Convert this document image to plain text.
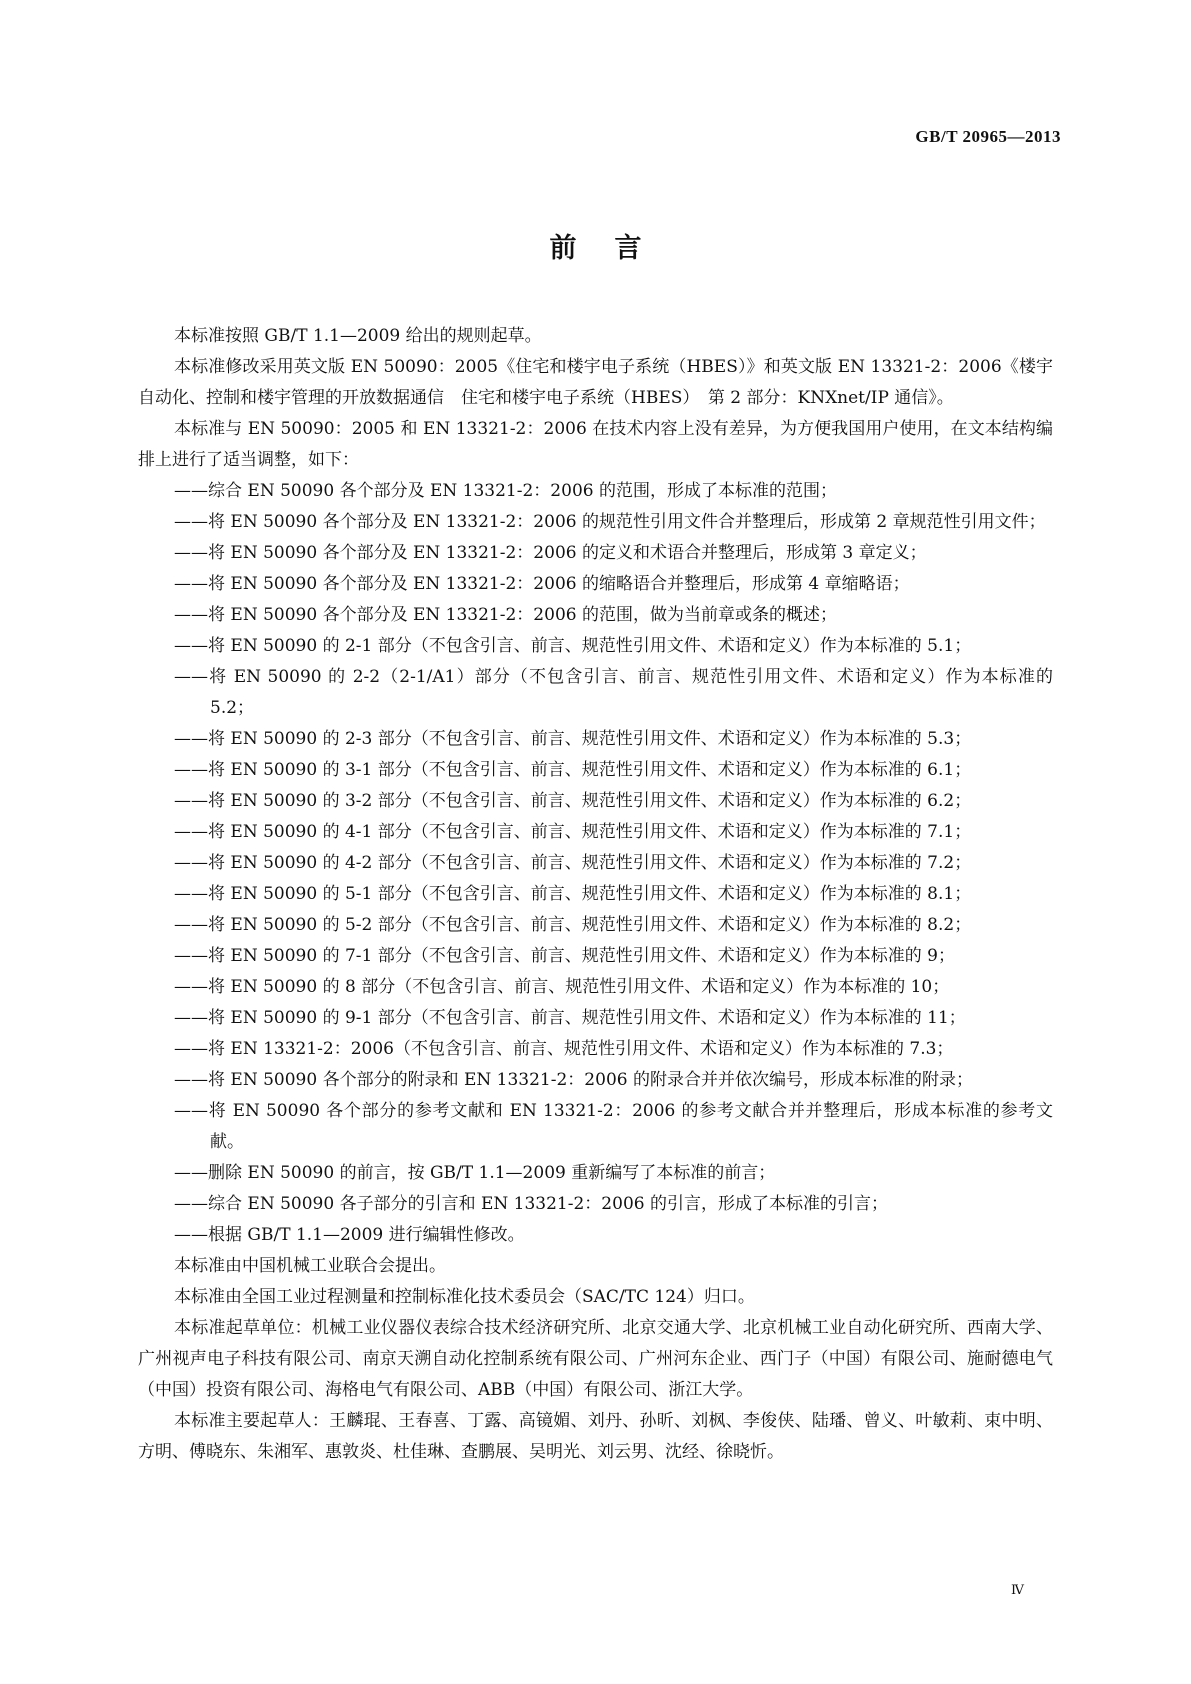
GB/T 20965—2013
前言

本标准按照 GB/T 1.1—2009 给出的规则起草。

本标准修改采用英文版 EN 50090：2005《住宅和楼宇电子系统（HBES）》和英文版 EN 13321-2：2006《楼宇自动化、控制和楼宇管理的开放数据通信　住宅和楼宇电子系统（HBES）　第 2 部分：KNXnet/IP 通信》。

本标准与 EN 50090：2005 和 EN 13321-2：2006 在技术内容上没有差异，为方便我国用户使用，在文本结构编排上进行了适当调整，如下：

——综合 EN 50090 各个部分及 EN 13321-2：2006 的范围，形成了本标准的范围；

——将 EN 50090 各个部分及 EN 13321-2：2006 的规范性引用文件合并整理后，形成第 2 章规范性引用文件；

——将 EN 50090 各个部分及 EN 13321-2：2006 的定义和术语合并整理后，形成第 3 章定义；

——将 EN 50090 各个部分及 EN 13321-2：2006 的缩略语合并整理后，形成第 4 章缩略语；

——将 EN 50090 各个部分及 EN 13321-2：2006 的范围，做为当前章或条的概述；

——将 EN 50090 的 2-1 部分（不包含引言、前言、规范性引用文件、术语和定义）作为本标准的 5.1；

——将 EN 50090 的 2-2（2-1/A1）部分（不包含引言、前言、规范性引用文件、术语和定义）作为本标准的 5.2；

——将 EN 50090 的 2-3 部分（不包含引言、前言、规范性引用文件、术语和定义）作为本标准的 5.3；

——将 EN 50090 的 3-1 部分（不包含引言、前言、规范性引用文件、术语和定义）作为本标准的 6.1；

——将 EN 50090 的 3-2 部分（不包含引言、前言、规范性引用文件、术语和定义）作为本标准的 6.2；

——将 EN 50090 的 4-1 部分（不包含引言、前言、规范性引用文件、术语和定义）作为本标准的 7.1；

——将 EN 50090 的 4-2 部分（不包含引言、前言、规范性引用文件、术语和定义）作为本标准的 7.2；

——将 EN 50090 的 5-1 部分（不包含引言、前言、规范性引用文件、术语和定义）作为本标准的 8.1；

——将 EN 50090 的 5-2 部分（不包含引言、前言、规范性引用文件、术语和定义）作为本标准的 8.2；

——将 EN 50090 的 7-1 部分（不包含引言、前言、规范性引用文件、术语和定义）作为本标准的 9；

——将 EN 50090 的 8 部分（不包含引言、前言、规范性引用文件、术语和定义）作为本标准的 10；

——将 EN 50090 的 9-1 部分（不包含引言、前言、规范性引用文件、术语和定义）作为本标准的 11；

——将 EN 13321-2：2006（不包含引言、前言、规范性引用文件、术语和定义）作为本标准的 7.3；

——将 EN 50090 各个部分的附录和 EN 13321-2：2006 的附录合并并依次编号，形成本标准的附录；

——将 EN 50090 各个部分的参考文献和 EN 13321-2：2006 的参考文献合并并整理后，形成本标准的参考文献。

——删除 EN 50090 的前言，按 GB/T 1.1—2009 重新编写了本标准的前言；

——综合 EN 50090 各子部分的引言和 EN 13321-2：2006 的引言，形成了本标准的引言；

——根据 GB/T 1.1—2009 进行编辑性修改。

本标准由中国机械工业联合会提出。

本标准由全国工业过程测量和控制标准化技术委员会（SAC/TC 124）归口。

本标准起草单位：机械工业仪器仪表综合技术经济研究所、北京交通大学、北京机械工业自动化研究所、西南大学、广州视声电子科技有限公司、南京天溯自动化控制系统有限公司、广州河东企业、西门子（中国）有限公司、施耐德电气（中国）投资有限公司、海格电气有限公司、ABB（中国）有限公司、浙江大学。

本标准主要起草人：王麟琨、王春喜、丁露、高镜媚、刘丹、孙昕、刘枫、李俊侠、陆璠、曾义、叶敏莉、束中明、方明、傅晓东、朱湘军、惠敦炎、杜佳琳、查鹏展、吴明光、刘云男、沈经、徐晓忻。

Ⅳ
